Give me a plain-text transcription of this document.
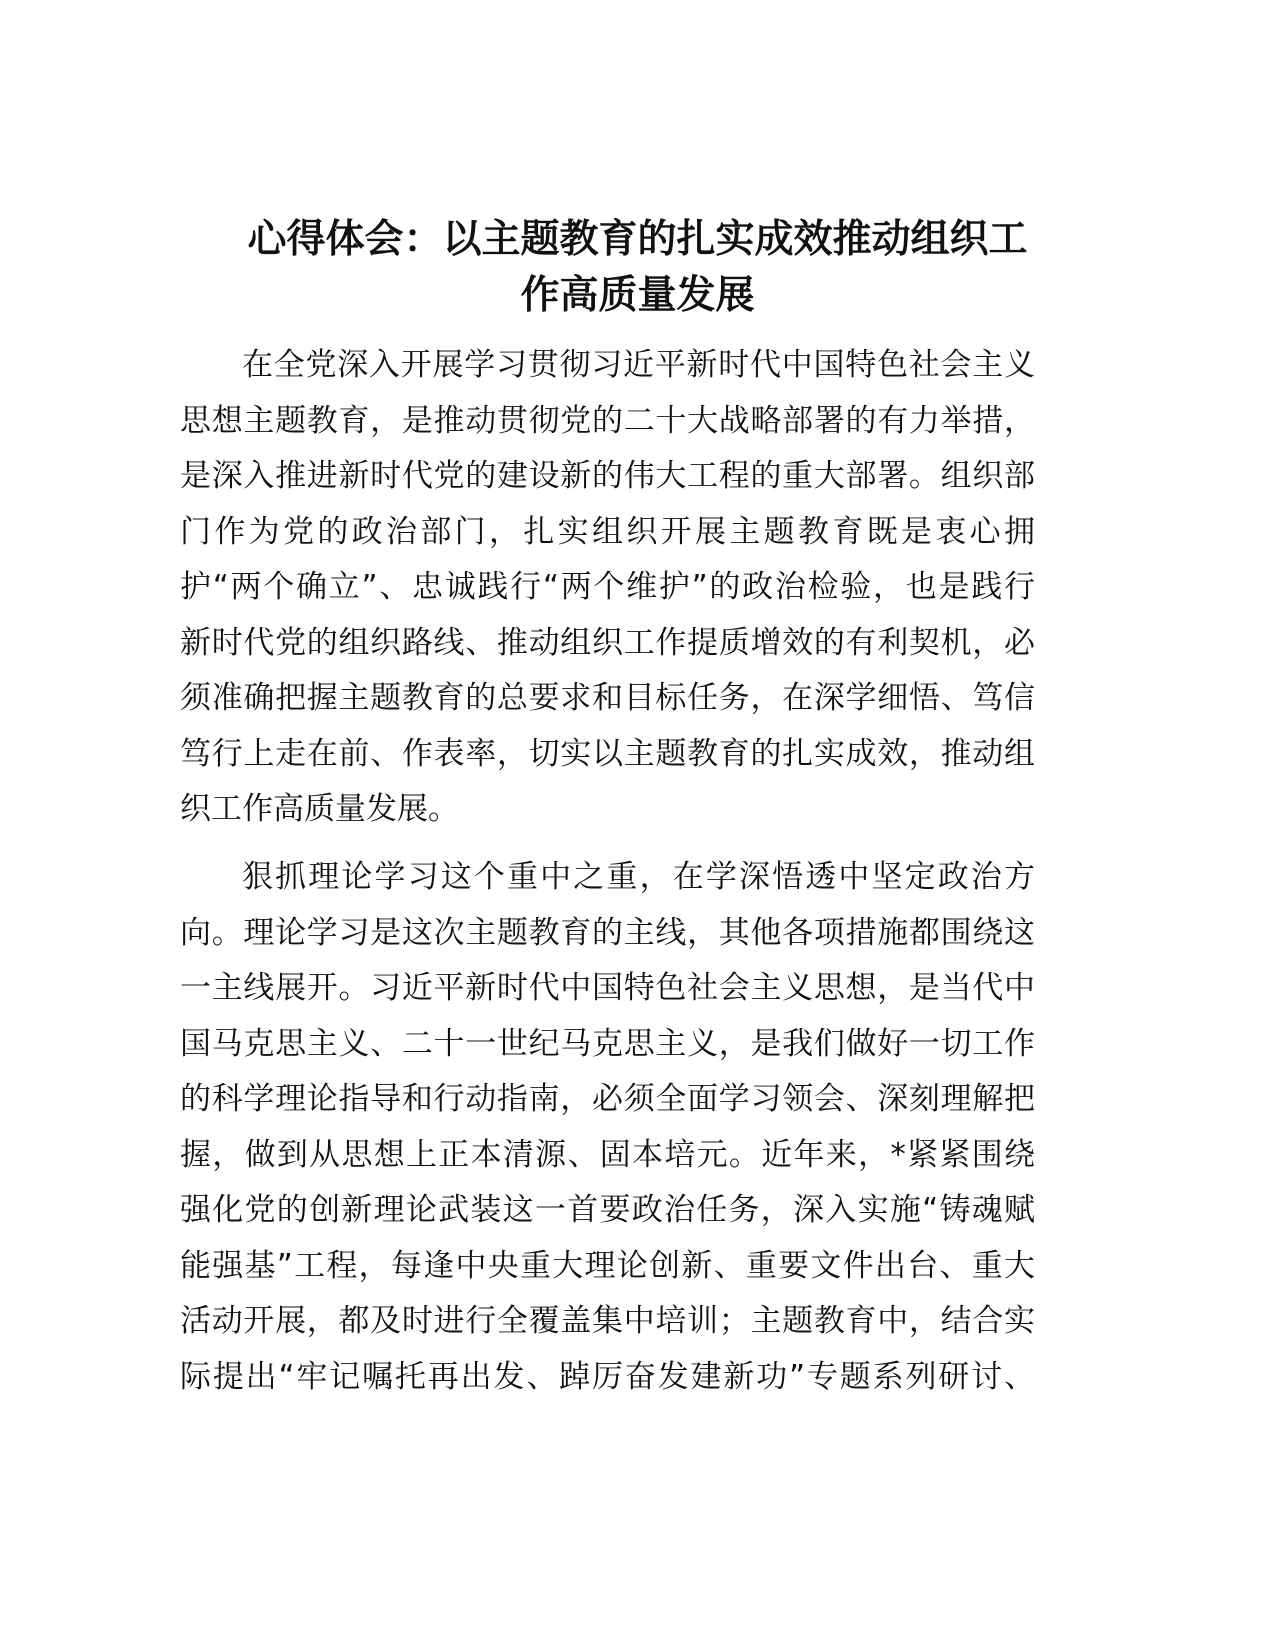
心得体会：以主题教育的扎实成效推动组织工
作高质量发展
在全党深入开展学习贯彻习近平新时代中国特色社会主义
思想主题教育，是推动贯彻党的二十大战略部署的有力举措，
是深入推进新时代党的建设新的伟大工程的重大部署。组织部
门作为党的政治部门，扎实组织开展主题教育既是衷心拥
护“两个确立”、忠诚践行“两个维护”的政治检验，也是践行
新时代党的组织路线、推动组织工作提质增效的有利契机，必
须准确把握主题教育的总要求和目标任务，在深学细悟、笃信
笃行上走在前、作表率，切实以主题教育的扎实成效，推动组
织工作高质量发展。
狠抓理论学习这个重中之重，在学深悟透中坚定政治方
向。理论学习是这次主题教育的主线，其他各项措施都围绕这
一主线展开。习近平新时代中国特色社会主义思想，是当代中
国马克思主义、二十一世纪马克思主义，是我们做好一切工作
的科学理论指导和行动指南，必须全面学习领会、深刻理解把
握，做到从思想上正本清源、固本培元。近年来，*紧紧围绕
强化党的创新理论武装这一首要政治任务，深入实施“铸魂赋
能强基”工程，每逢中央重大理论创新、重要文件出台、重大
活动开展，都及时进行全覆盖集中培训；主题教育中，结合实
际提出“牢记嘱托再出发、踔厉奋发建新功”专题系列研讨、
